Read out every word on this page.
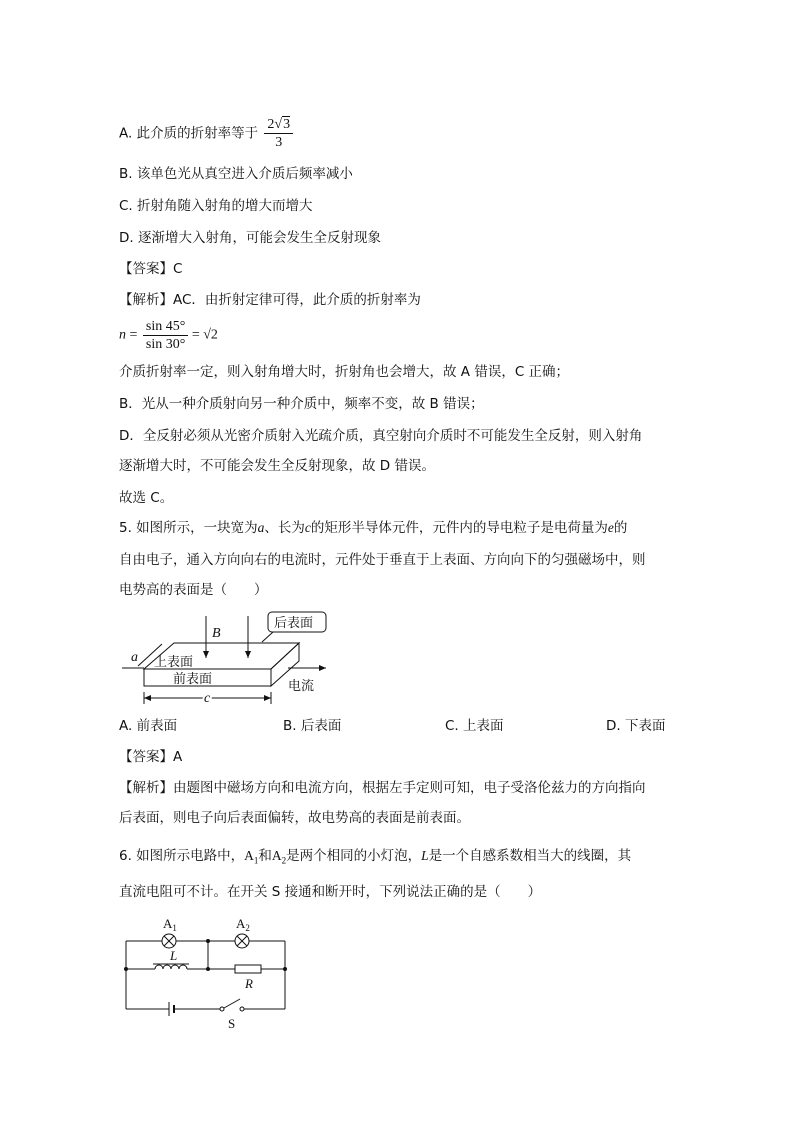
A. 此介质的折射率等于 $\frac{2√3}{3}$
B. 该单色光从真空进入介质后频率减小
C. 折射角随入射角的增大而增大
D. 逐渐增大入射角，可能会发生全反射现象
【答案】C
【解析】AC．由折射定律可得，此介质的折射率为
$n = \frac{\sin 45^\circ}{\sin 30^\circ} = √2$
介质折射率一定，则入射角增大时，折射角也会增大，故 A 错误，C 正确；
B．光从一种介质射向另一种介质中，频率不变，故 B 错误；
D．全反射必须从光密介质射入光疏介质，真空射向介质时不可能发生全反射，则入射角
逐渐增大时，不可能会发生全反射现象，故 D 错误。
故选 C。
5. 如图所示，一块宽为a、长为c的矩形半导体元件，元件内的导电粒子是电荷量为e的
自由电子，通入方向向右的电流时，元件处于垂直于上表面、方向向下的匀强磁场中，则
电势高的表面是（　　）
B
后表面
a 上表面
前表面
c
电流
A. 前表面	B. 后表面	C. 上表面	D. 下表面
【答案】A
【解析】由题图中磁场方向和电流方向，根据左手定则可知，电子受洛伦兹力的方向指向
后表面，则电子向后表面偏转，故电势高的表面是前表面。
6. 如图所示电路中，$A_1$和$A_2$是两个相同的小灯泡，L是一个自感系数相当大的线圈，其
直流电阻可不计。在开关 S 接通和断开时，下列说法正确的是（　　）
$A_1$	$A_2$
L
R
S
